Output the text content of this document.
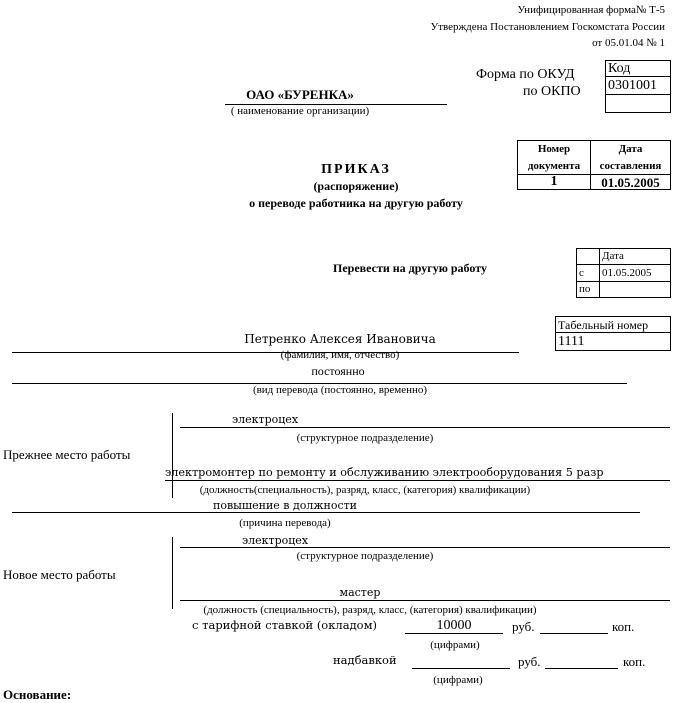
Унифицированная форма№ Т-5
Утверждена Постановлением Госкомстата России
от 05.01.04 № 1
Форма по ОКУД
по ОКПО
Код
0301001

ОАО «БУРЕНКА»
( наименование организации)
Номер документа	Дата составления
1	01.05.2005
ПРИКАЗ
(распоряжение)
о переводе работника на другую работу
Перевести на другую работу
	Дата
с	01.05.2005
по	
Табельный номер
1111
Петренко Алексея Ивановича
(фамилия, имя, отчество)
постоянно
(вид перевода (постоянно, временно)
Прежнее место работы
электроцех
(структурное подразделение)
электромонтер по ремонту и обслуживанию электрооборудования 5 разр
(должность(специальность), разряд, класс, (категория) квалификации)
повышение в должности
(причина перевода)
Новое место работы
электроцех
(структурное подразделение)
мастер
(должность (специальность), разряд, класс, (категория) квалификации)
с тарифной ставкой (окладом)	10000	руб.	коп.
(цифрами)
надбавкой	руб.	коп.
(цифрами)
Основание:
